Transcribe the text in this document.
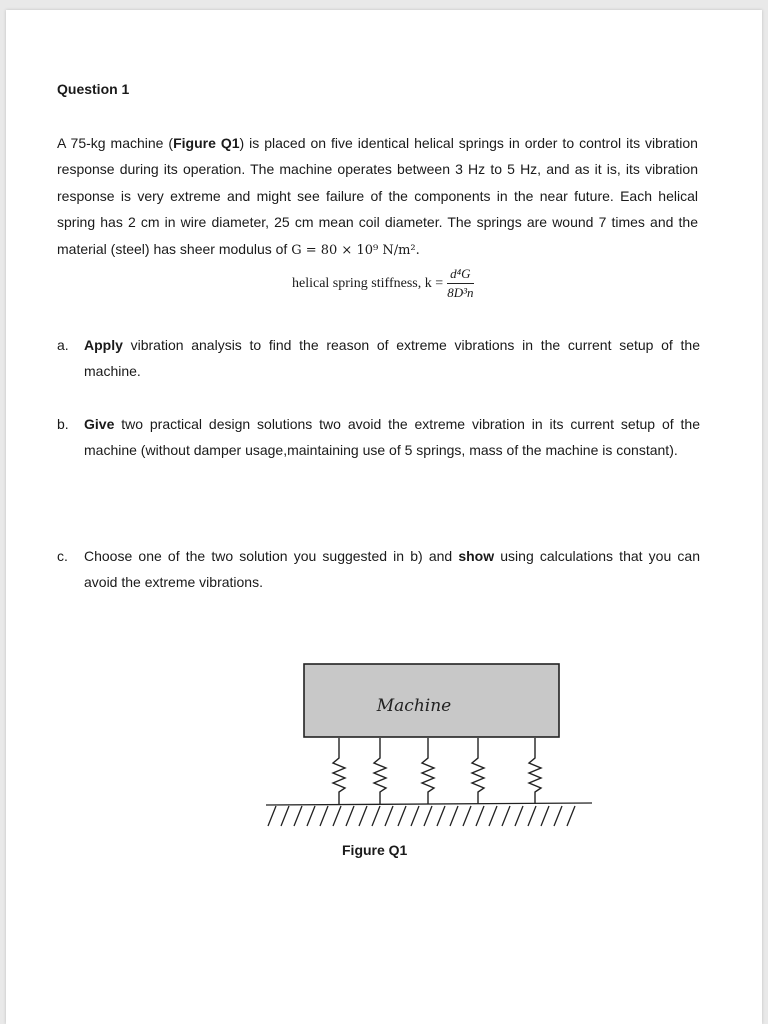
Question 1
A 75-kg machine (Figure Q1) is placed on five identical helical springs in order to control its vibration response during its operation. The machine operates between 3 Hz to 5 Hz, and as it is, its vibration response is very extreme and might see failure of the components in the near future. Each helical spring has 2 cm in wire diameter, 25 cm mean coil diameter. The springs are wound 7 times and the material (steel) has sheer modulus of G = 80 × 10⁹ N/m².
helical spring stiffness, $k = \frac{\text{d⁴G}}{\text{8D³n}}$
a. Apply vibration analysis to find the reason of extreme vibrations in the current setup of the machine.
b. Give two practical design solutions two avoid the extreme vibration in its current setup of the machine (without damper usage,maintaining use of 5 springs, mass of the machine is constant).
c. Choose one of the two solution you suggested in b) and show using calculations that you can avoid the extreme vibrations.
Machine
Figure Q1
